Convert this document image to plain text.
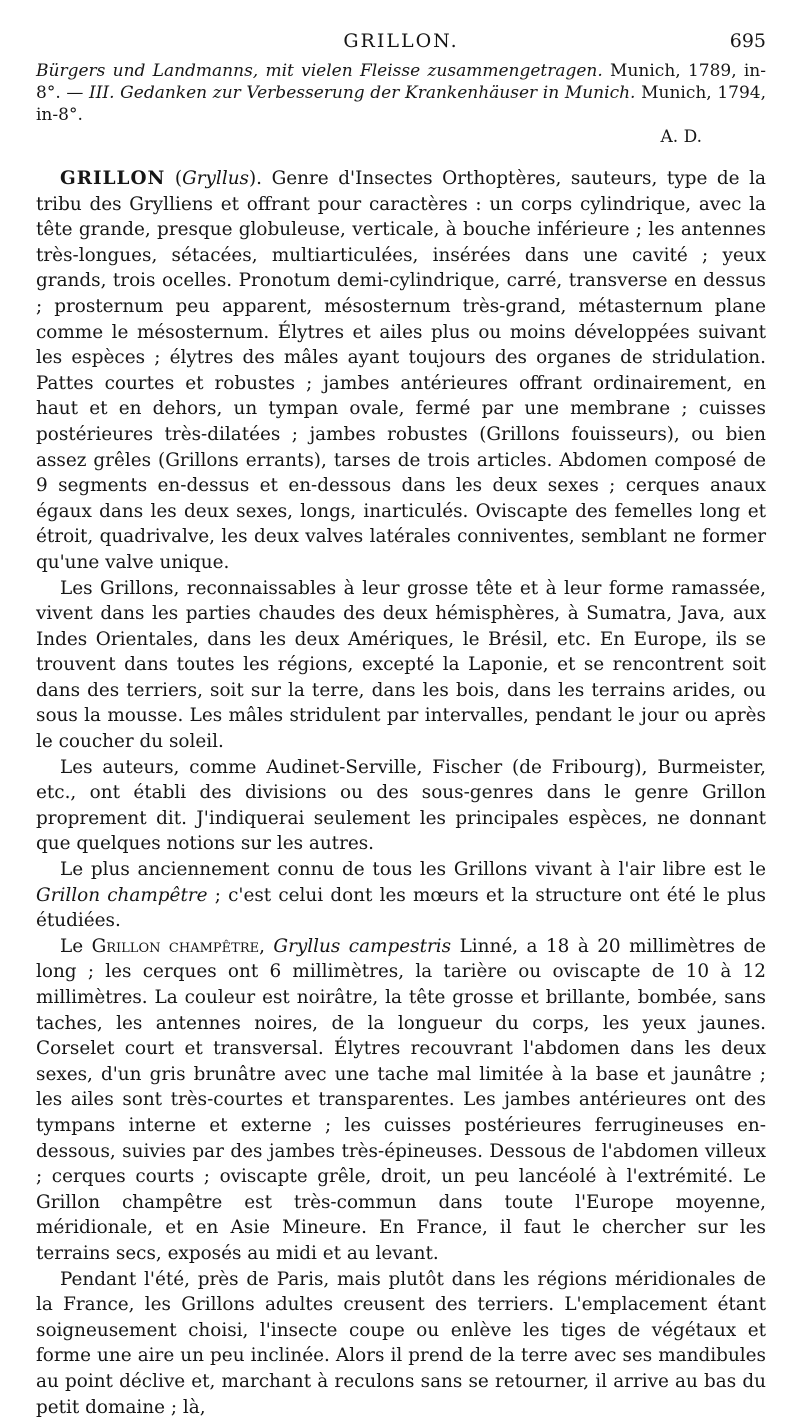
GRILLON.	695

Bürgers und Landmanns, mit vielen Fleisse zusammengetragen. Munich, 1789, in-8°. — III. Gedanken zur Verbesserung der Krankenhäuser in Munich. Munich, 1794, in-8°.

A. D.

GRILLON (Gryllus). Genre d'Insectes Orthoptères, sauteurs, type de la tribu des Grylliens et offrant pour caractères : un corps cylindrique, avec la tête grande, presque globuleuse, verticale, à bouche inférieure ; les antennes très-longues, sétacées, multiarticulées, insérées dans une cavité ; yeux grands, trois ocelles. Pronotum demi-cylindrique, carré, transverse en dessus ; prosternum peu apparent, mésosternum très-grand, métasternum plane comme le mésosternum. Élytres et ailes plus ou moins développées suivant les espèces ; élytres des mâles ayant toujours des organes de stridulation. Pattes courtes et robustes ; jambes antérieures offrant ordinairement, en haut et en dehors, un tympan ovale, fermé par une membrane ; cuisses postérieures très-dilatées ; jambes robustes (Grillons fouisseurs), ou bien assez grêles (Grillons errants), tarses de trois articles. Abdomen composé de 9 segments en-dessus et en-dessous dans les deux sexes ; cerques anaux égaux dans les deux sexes, longs, inarticulés. Oviscapte des femelles long et étroit, quadrivalve, les deux valves latérales conniventes, semblant ne former qu'une valve unique.

Les Grillons, reconnaissables à leur grosse tête et à leur forme ramassée, vivent dans les parties chaudes des deux hémisphères, à Sumatra, Java, aux Indes Orientales, dans les deux Amériques, le Brésil, etc. En Europe, ils se trouvent dans toutes les régions, excepté la Laponie, et se rencontrent soit dans des terriers, soit sur la terre, dans les bois, dans les terrains arides, ou sous la mousse. Les mâles stridulent par intervalles, pendant le jour ou après le coucher du soleil.

Les auteurs, comme Audinet-Serville, Fischer (de Fribourg), Burmeister, etc., ont établi des divisions ou des sous-genres dans le genre Grillon proprement dit. J'indiquerai seulement les principales espèces, ne donnant que quelques notions sur les autres.

Le plus anciennement connu de tous les Grillons vivant à l'air libre est le Grillon champêtre ; c'est celui dont les mœurs et la structure ont été le plus étudiées.

Le Grillon champêtre, Gryllus campestris Linné, a 18 à 20 millimètres de long ; les cerques ont 6 millimètres, la tarière ou oviscapte de 10 à 12 millimètres. La couleur est noirâtre, la tête grosse et brillante, bombée, sans taches, les antennes noires, de la longueur du corps, les yeux jaunes. Corselet court et transversal. Élytres recouvrant l'abdomen dans les deux sexes, d'un gris brunâtre avec une tache mal limitée à la base et jaunâtre ; les ailes sont très-courtes et transparentes. Les jambes antérieures ont des tympans interne et externe ; les cuisses postérieures ferrugineuses en-dessous, suivies par des jambes très-épineuses. Dessous de l'abdomen villeux ; cerques courts ; oviscapte grêle, droit, un peu lancéolé à l'extrémité. Le Grillon champêtre est très-commun dans toute l'Europe moyenne, méridionale, et en Asie Mineure. En France, il faut le chercher sur les terrains secs, exposés au midi et au levant.

Pendant l'été, près de Paris, mais plutôt dans les régions méridionales de la France, les Grillons adultes creusent des terriers. L'emplacement étant soigneusement choisi, l'insecte coupe ou enlève les tiges de végétaux et forme une aire un peu inclinée. Alors il prend de la terre avec ses mandibules au point déclive et, marchant à reculons sans se retourner, il arrive au bas du petit domaine ; là,
